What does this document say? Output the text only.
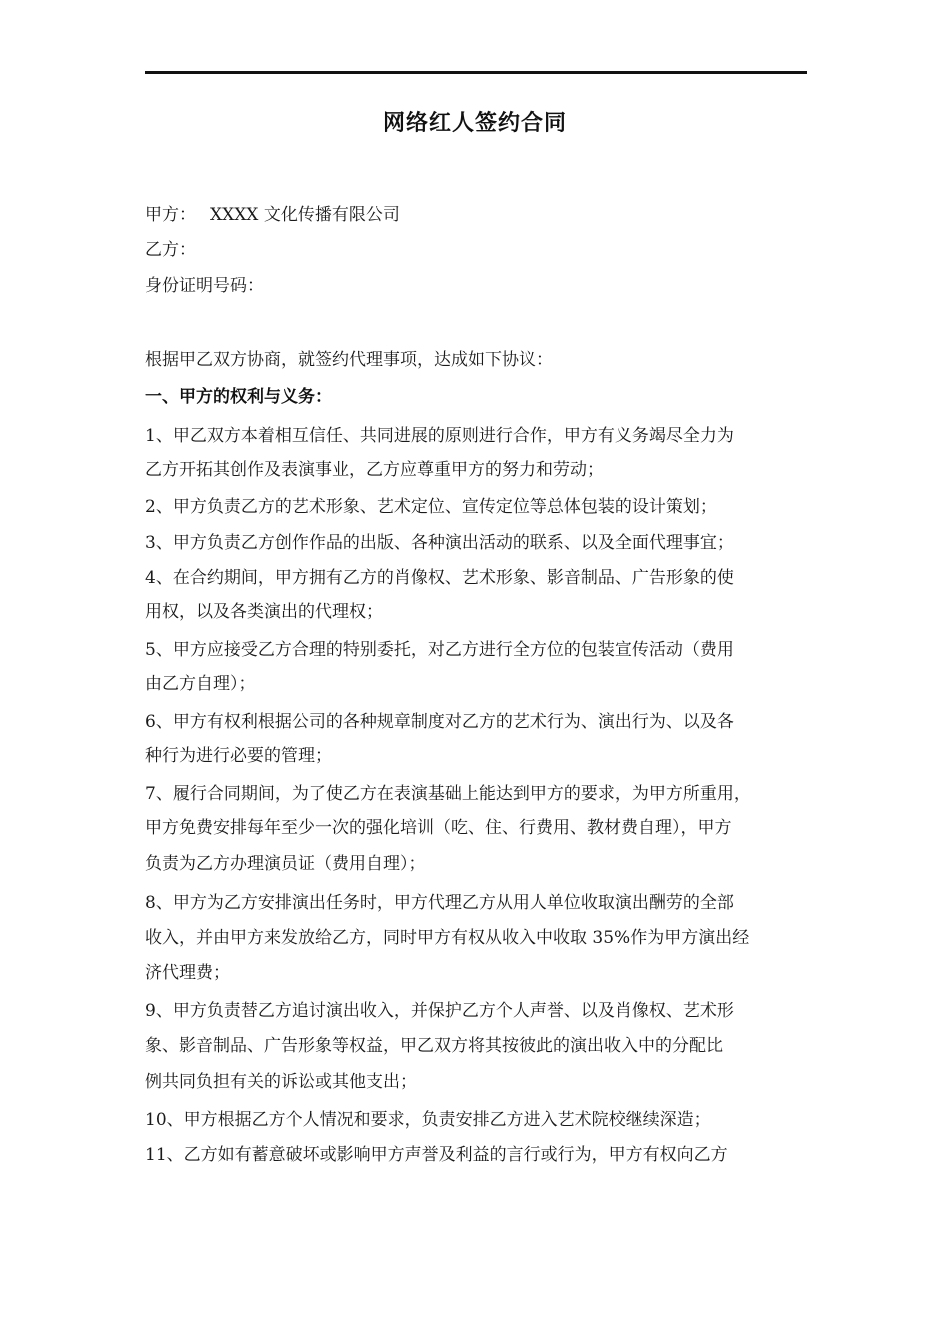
网络红人签约合同
甲方： XXXX 文化传播有限公司
乙方：
身份证明号码：
根据甲乙双方协商，就签约代理事项，达成如下协议：
一、甲方的权利与义务：
1、甲乙双方本着相互信任、共同进展的原则进行合作，甲方有义务竭尽全力为
乙方开拓其创作及表演事业，乙方应尊重甲方的努力和劳动；
2、甲方负责乙方的艺术形象、艺术定位、宣传定位等总体包装的设计策划；
3、甲方负责乙方创作作品的出版、各种演出活动的联系、以及全面代理事宜；
4、在合约期间，甲方拥有乙方的肖像权、艺术形象、影音制品、广告形象的使
用权，以及各类演出的代理权；
5、甲方应接受乙方合理的特别委托，对乙方进行全方位的包装宣传活动（费用
由乙方自理）；
6、甲方有权利根据公司的各种规章制度对乙方的艺术行为、演出行为、以及各
种行为进行必要的管理；
7、履行合同期间，为了使乙方在表演基础上能达到甲方的要求，为甲方所重用，
甲方免费安排每年至少一次的强化培训（吃、住、行费用、教材费自理），甲方
负责为乙方办理演员证（费用自理）；
8、甲方为乙方安排演出任务时，甲方代理乙方从用人单位收取演出酬劳的全部
收入，并由甲方来发放给乙方，同时甲方有权从收入中收取 35%作为甲方演出经
济代理费；
9、甲方负责替乙方追讨演出收入，并保护乙方个人声誉、以及肖像权、艺术形
象、影音制品、广告形象等权益，甲乙双方将其按彼此的演出收入中的分配比
例共同负担有关的诉讼或其他支出；
10、甲方根据乙方个人情况和要求，负责安排乙方进入艺术院校继续深造；
11、乙方如有蓄意破坏或影响甲方声誉及利益的言行或行为，甲方有权向乙方
